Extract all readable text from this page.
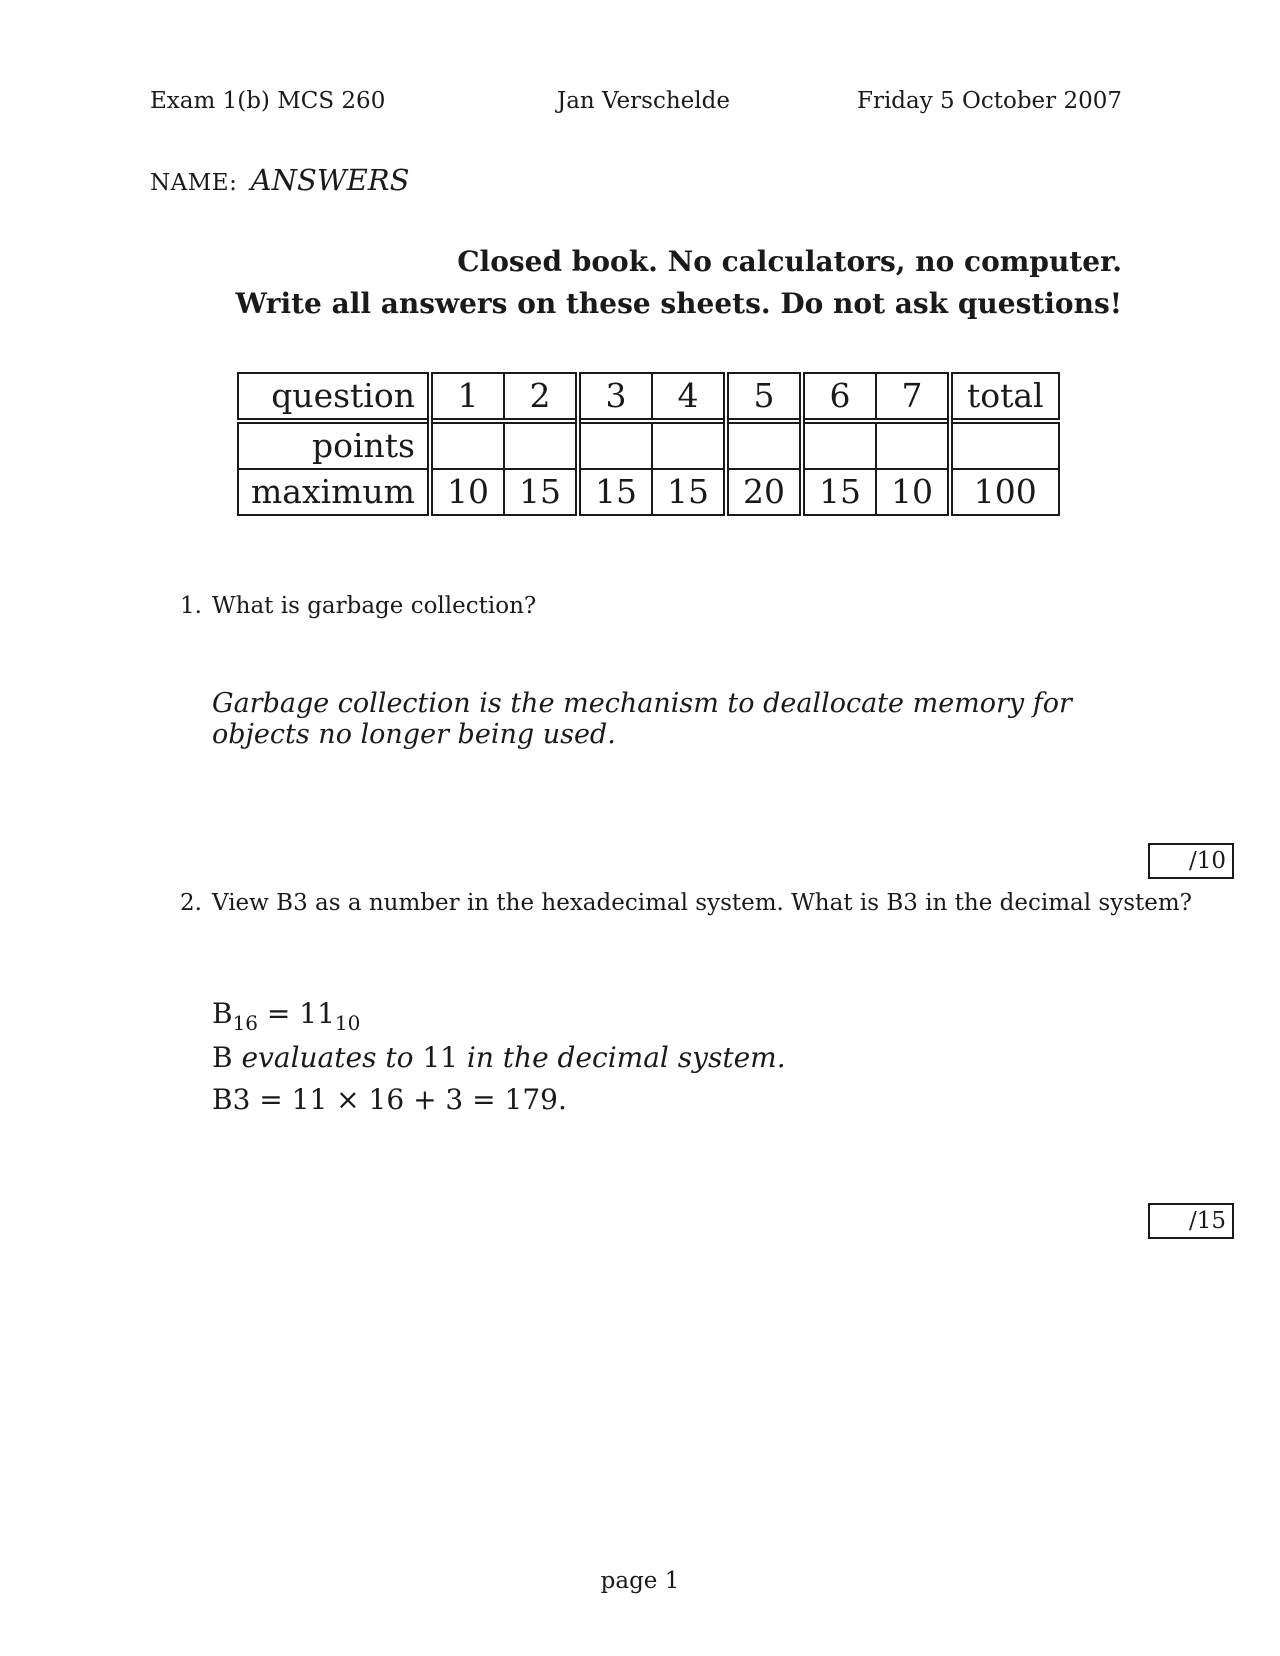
Exam 1(b) MCS 260	Jan Verschelde	Friday 5 October 2007
NAME: ANSWERS
Closed book. No calculators, no computer.
Write all answers on these sheets. Do not ask questions!
question	1	2	3	4	5	6	7	total
points								
maximum	10	15	15	15	20	15	10	100
1. What is garbage collection?
Garbage collection is the mechanism to deallocate memory for objects no longer being used.
/10
2. View B3 as a number in the hexadecimal system. What is B3 in the decimal system?
$B_{16} = 11_{10}$
B evaluates to 11 in the decimal system.
B3 = 11 × 16 + 3 = 179.
/15
page 1
